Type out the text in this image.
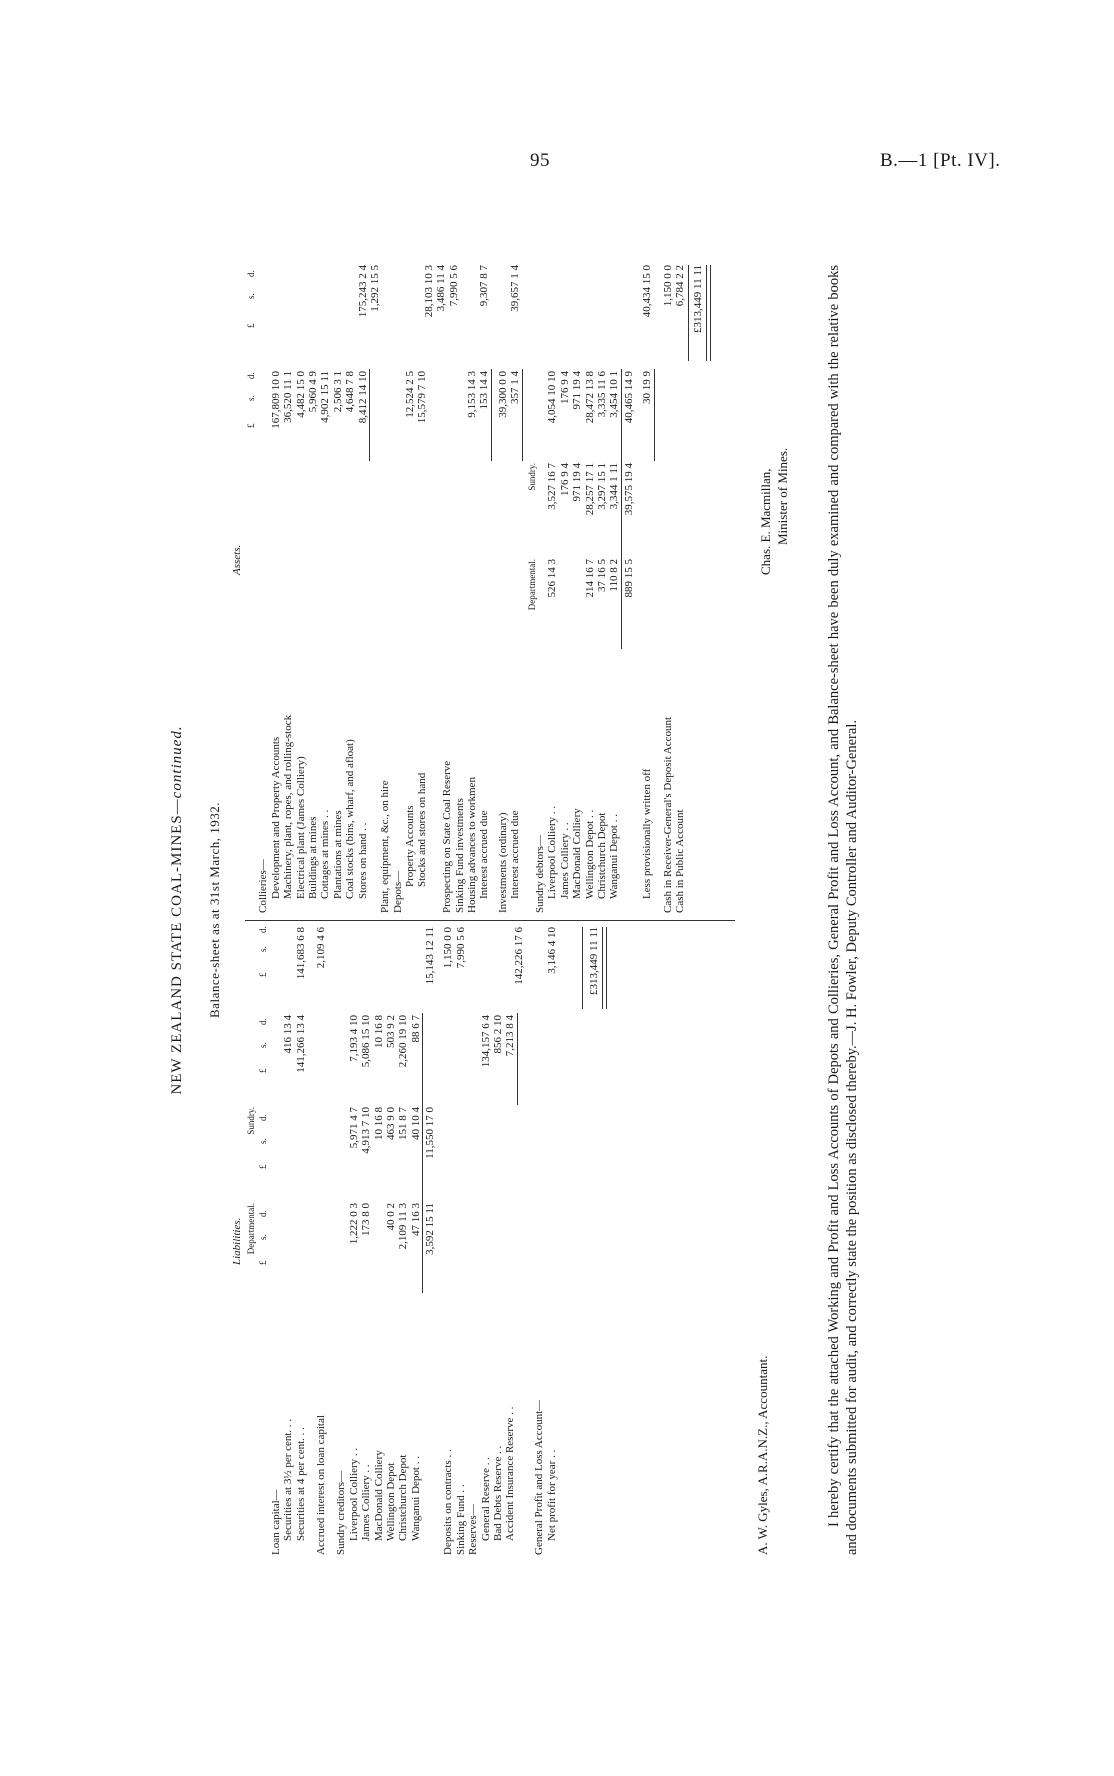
95	B.—1 [Pt. IV].
NEW ZEALAND STATE COAL-MINES—continued.
Balance-sheet as at 31st March, 1932.
Liabilities.
Assets.
Departmental.
Sundry.
£
s.
d.
£
s.
d.
£
s.
d.
£
s.
d.
Loan capital— Securities at 3½ per cent. . .
416 13 4
Securities at 4 per cent. . .
141,266 13 4
141,683 6 8
Accrued interest on loan capital
2,109 4 6
Sundry creditors— Liverpool Colliery . .
1,222 0 3
5,971 4 7
7,193 4 10
James Colliery . .
173 8 0
4,913 7 10
5,086 15 10
MacDonald Colliery
10 16 8
10 16 8
Wellington Depot
40 0 2
463 9 0
503 9 2
Christchurch Depot
2,109 11 3
151 8 7
2,260 19 10
Wanganui Depot . .
47 16 3
40 10 4
88 6 7
3,592 15 11
11,550 17 0
15,143 12 11
Deposits on contracts . .
1,150 0 0
Sinking Fund . .
7,990 5 6
Reserves— General Reserve . .
134,157 6 4
Bad Debts Reserve . .
856 2 10
Accident Insurance Reserve . .
7,213 8 4
142,226 17 6
General Profit and Loss Account— Net profit for year . .
3,146 4 10	£313,449 11 11
£
s.
d.
£
s.
d.
Collieries— Development and Property Accounts
167,809 10 0
Machinery, plant, ropes, and rolling-stock
36,520 11 1
Electrical plant (James Colliery)
4,482 15 0
Buildings at mines
5,960 4 9
Cottages at mines . .
4,902 15 11
Plantations at mines
2,506 3 1
Coal stocks (bins, wharf, and afloat)
4,648 7 8
Stores on hand . .
8,412 14 10
175,243 2 4
Plant, equipment, &c., on hire
1,292 15 5
Depots—
Property Accounts
12,524 2 5
Stocks and stores on hand
15,579 7 10
28,103 10 3
Prospecting on State Coal Reserve
3,486 11 4
Sinking Fund investments
7,990 5 6
Housing advances to workmen
9,153 14 3
Interest accrued due
153 14 4
9,307 8 7
Investments (ordinary)
39,300 0 0
Interest accrued due
357 1 4
39,657 1 4
Departmental.
Sundry.
Sundry debtors— Liverpool Colliery . .
526 14 3
3,527 16 7
4,054 10 10
James Colliery . .
176 9 4
176 9 4
MacDonald Colliery
971 19 4
971 19 4
Wellington Depot . .
214 16 7
28,257 17 1
28,472 13 8
Christchurch Depot
37 16 5
3,297 15 1
3,335 11 6
Wanganui Depot . .
110 8 2
3,344 1 11
3,454 10 1
889 15 5
39,575 19 4
40,465 14 9
Less provisionally written off
30 19 9
40,434 15 0
Cash in Receiver-General's Deposit Account
1,150 0 0
Cash in Public Account
6,784 2 2 £313,449 11 11
A. W. Gyles, A.R.A.N.Z., Accountant.
Chas. E. Macmillan, Minister of Mines. I hereby certify that the attached Working and Profit and Loss Accounts of Depots and Collieries, General Profit and Loss Account, and Balance-sheet have been duly examined and compared with the relative books and documents submitted for audit, and correctly state the position as disclosed thereby.—J. H. Fowler, Deputy Controller and Auditor-General.
